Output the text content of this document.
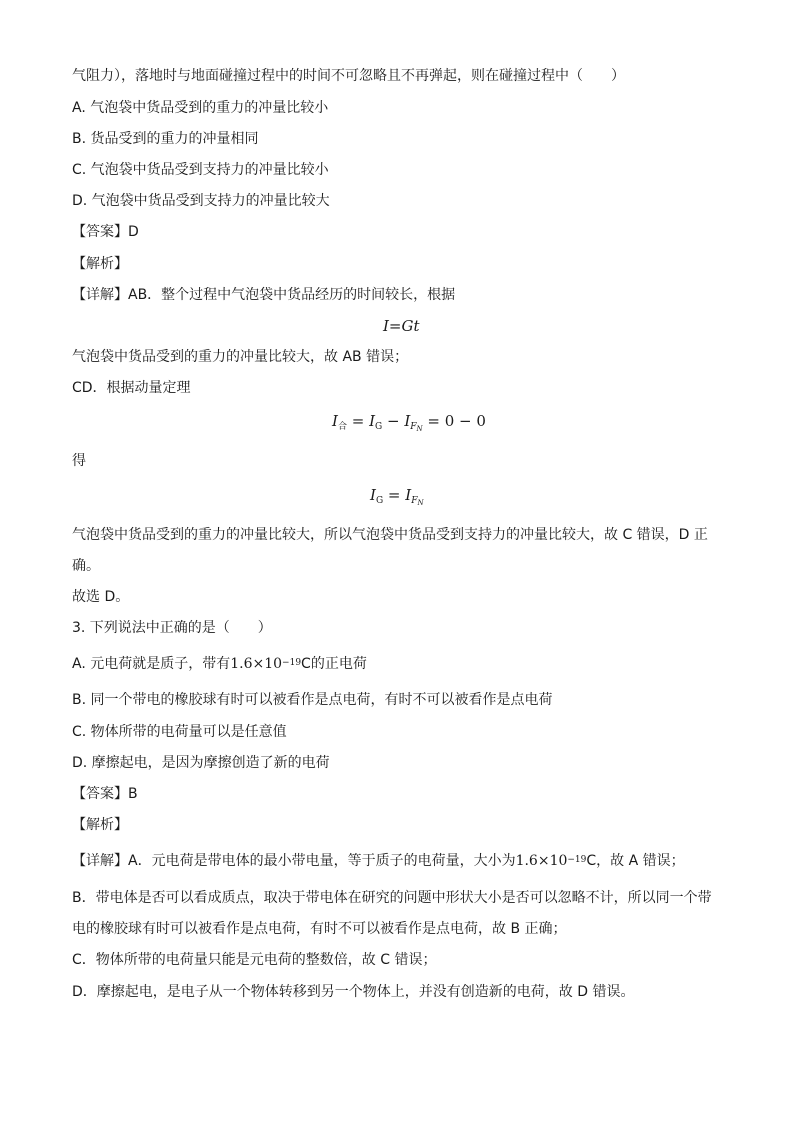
气阻力），落地时与地面碰撞过程中的时间不可忽略且不再弹起，则在碰撞过程中（　　）
A. 气泡袋中货品受到的重力的冲量比较小
B. 货品受到的重力的冲量相同
C. 气泡袋中货品受到支持力的冲量比较小
D. 气泡袋中货品受到支持力的冲量比较大
【答案】D
【解析】
【详解】AB．整个过程中气泡袋中货品经历的时间较长，根据
I=Gt
气泡袋中货品受到的重力的冲量比较大，故 AB 错误；
CD．根据动量定理
$I_合 = I_G - I_{F_N} = 0 - 0$
得
$I_G = I_{F_N}$
气泡袋中货品受到的重力的冲量比较大，所以气泡袋中货品受到支持力的冲量比较大，故 C 错误，D 正
确。
故选 D。
3. 下列说法中正确的是（　　）
A. 元电荷就是质子，带有$1.6\times 10^{-19}C$的正电荷
B. 同一个带电的橡胶球有时可以被看作是点电荷，有时不可以被看作是点电荷
C. 物体所带的电荷量可以是任意值
D. 摩擦起电，是因为摩擦创造了新的电荷
【答案】B
【解析】
【详解】A．元电荷是带电体的最小带电量，等于质子的电荷量，大小为$1.6\times 10^{-19}C$，故 A 错误；
B．带电体是否可以看成质点，取决于带电体在研究的问题中形状大小是否可以忽略不计，所以同一个带
电的橡胶球有时可以被看作是点电荷，有时不可以被看作是点电荷，故 B 正确；
C．物体所带的电荷量只能是元电荷的整数倍，故 C 错误；
D．摩擦起电，是电子从一个物体转移到另一个物体上，并没有创造新的电荷，故 D 错误。
